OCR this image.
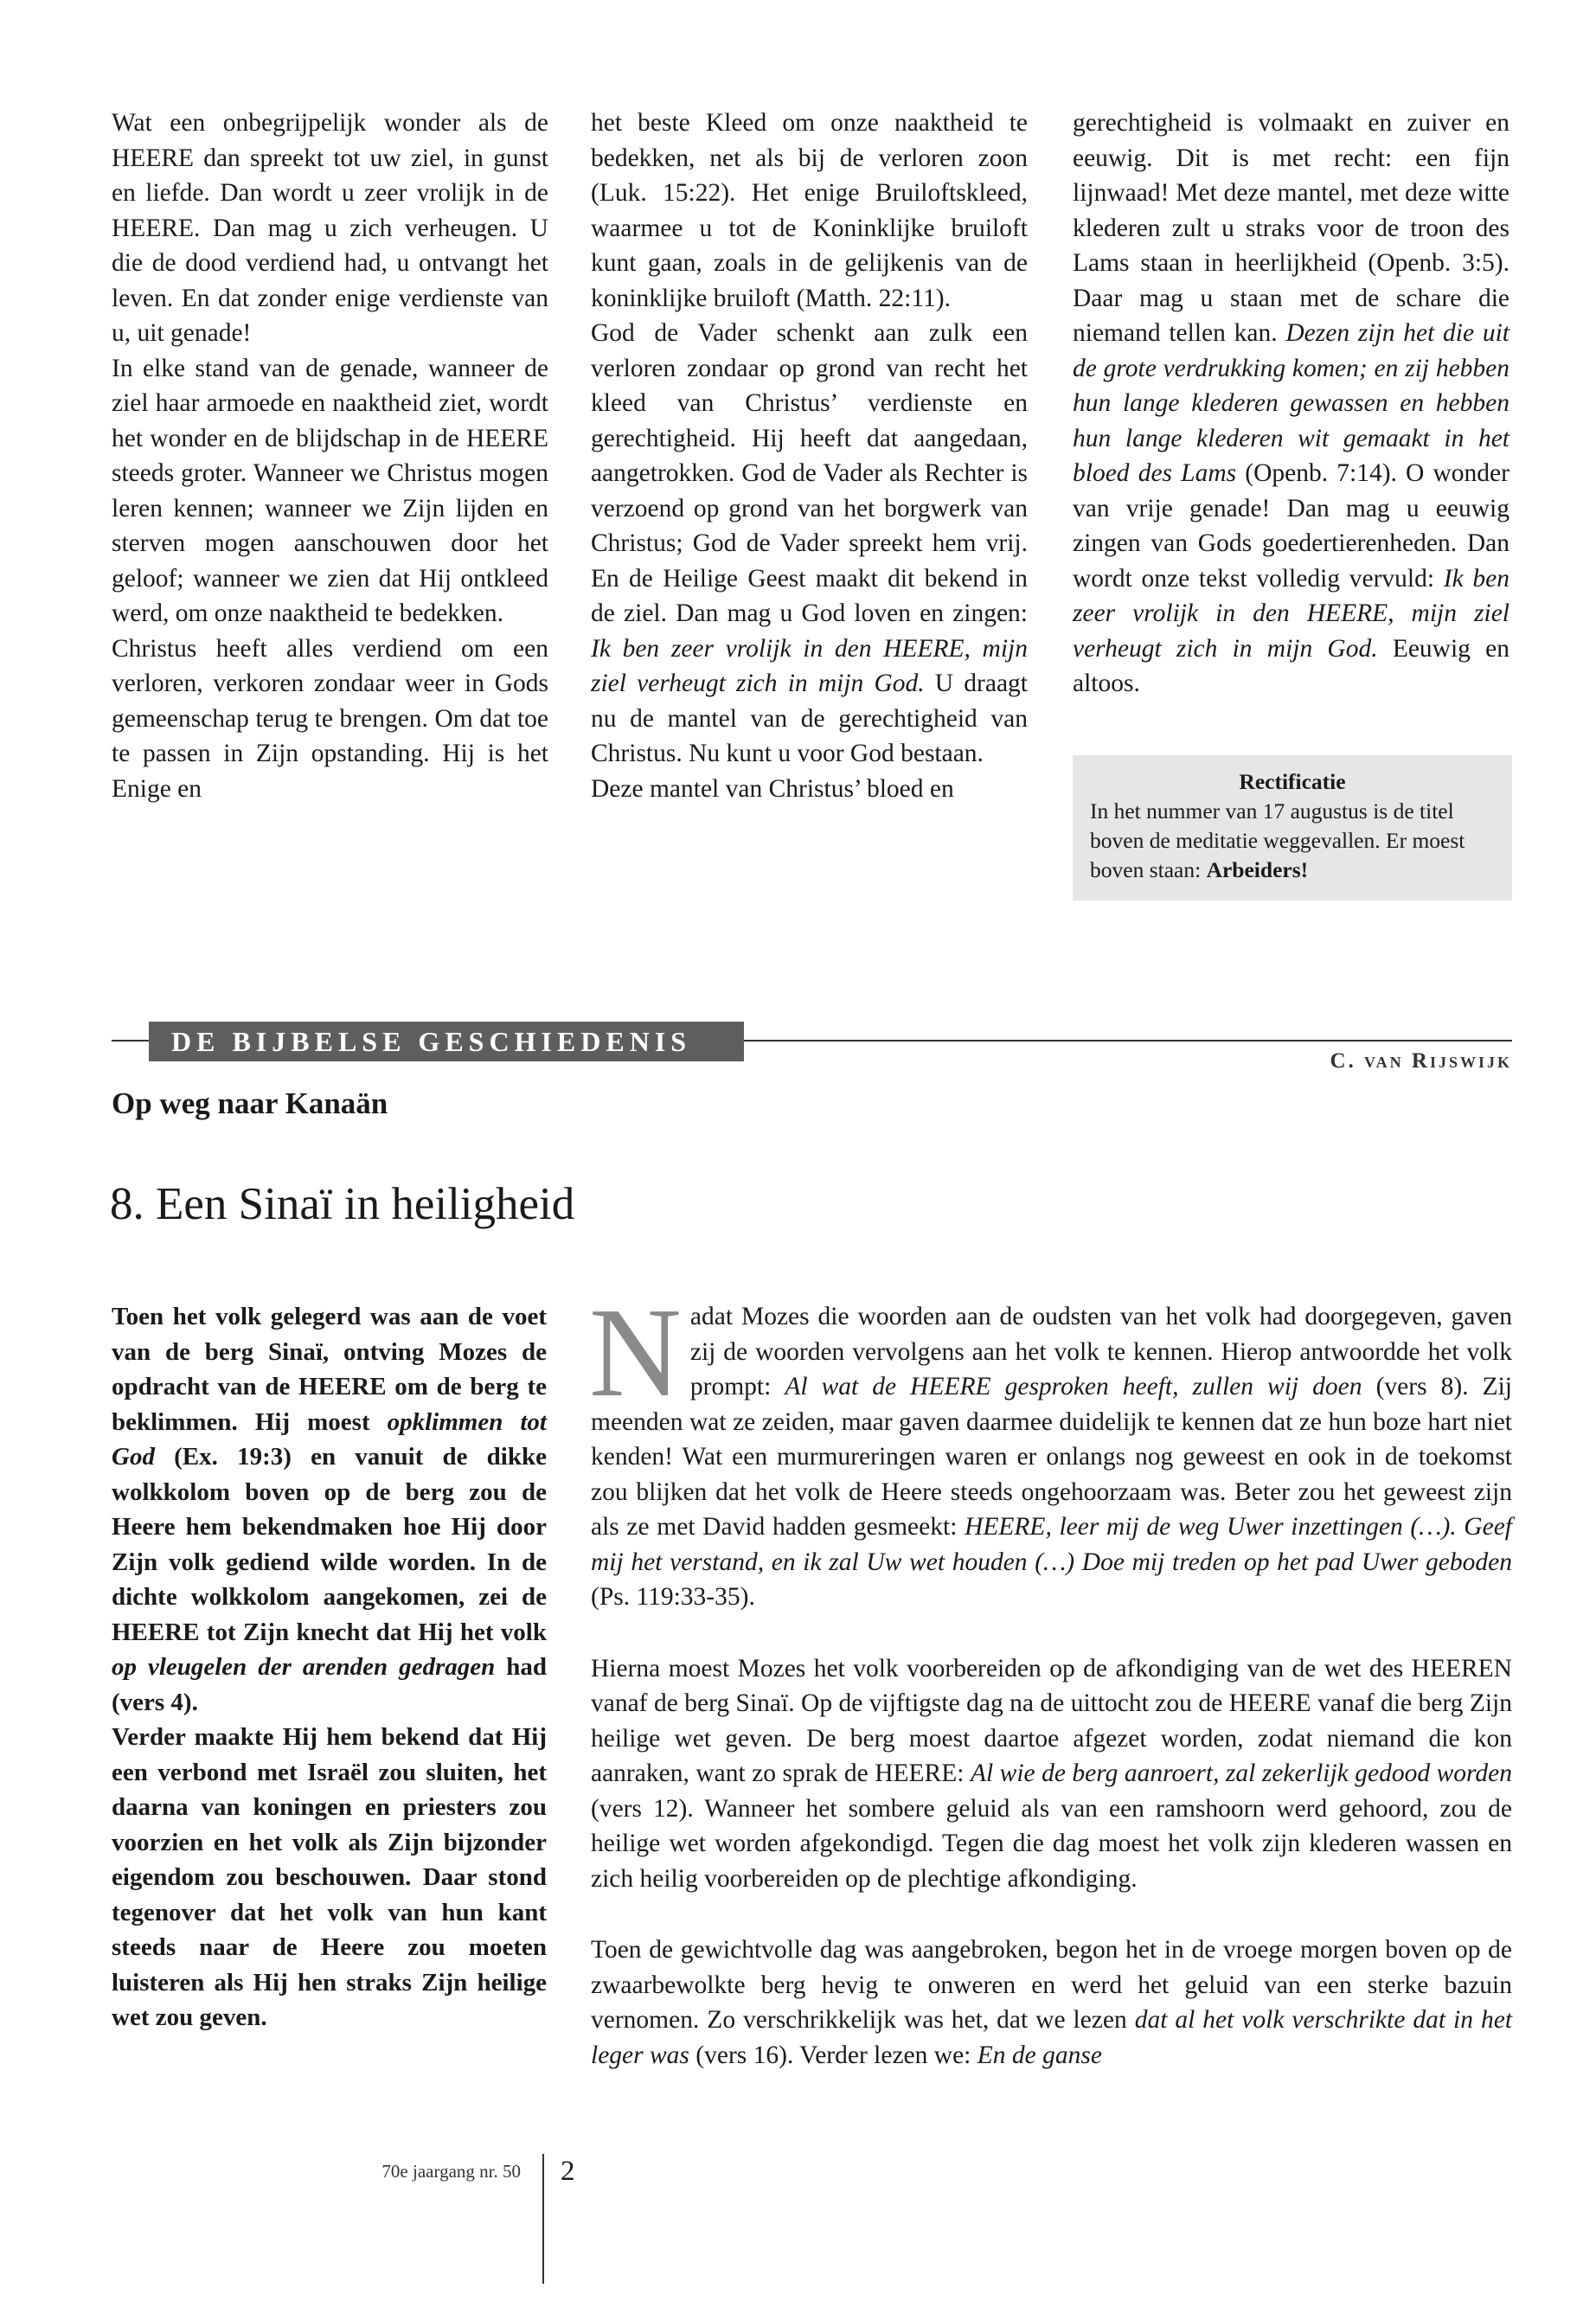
Wat een onbegrijpelijk wonder als de HEERE dan spreekt tot uw ziel, in gunst en liefde. Dan wordt u zeer vrolijk in de HEERE. Dan mag u zich verheugen. U die de dood verdiend had, u ontvangt het leven. En dat zonder enige verdienste van u, uit genade!

In elke stand van de genade, wanneer de ziel haar armoede en naaktheid ziet, wordt het wonder en de blijdschap in de HEERE steeds groter. Wanneer we Christus mogen leren kennen; wanneer we Zijn lijden en sterven mogen aanschouwen door het geloof; wanneer we zien dat Hij ontkleed werd, om onze naaktheid te bedekken.

Christus heeft alles verdiend om een verloren, verkoren zondaar weer in Gods gemeenschap terug te brengen. Om dat toe te passen in Zijn opstanding. Hij is het Enige en

het beste Kleed om onze naaktheid te bedekken, net als bij de verloren zoon (Luk. 15:22). Het enige Bruiloftskleed, waarmee u tot de Koninklijke bruiloft kunt gaan, zoals in de gelijkenis van de koninklijke bruiloft (Matth. 22:11).

God de Vader schenkt aan zulk een verloren zondaar op grond van recht het kleed van Christus’ verdienste en gerechtigheid. Hij heeft dat aangedaan, aangetrokken. God de Vader als Rechter is verzoend op grond van het borgwerk van Christus; God de Vader spreekt hem vrij. En de Heilige Geest maakt dit bekend in de ziel. Dan mag u God loven en zingen: Ik ben zeer vrolijk in den HEERE, mijn ziel verheugt zich in mijn God. U draagt nu de mantel van de gerechtigheid van Christus. Nu kunt u voor God bestaan.

Deze mantel van Christus’ bloed en

gerechtigheid is volmaakt en zuiver en eeuwig. Dit is met recht: een fijn lijnwaad! Met deze mantel, met deze witte klederen zult u straks voor de troon des Lams staan in heerlijkheid (Openb. 3:5). Daar mag u staan met de schare die niemand tellen kan. Dezen zijn het die uit de grote verdrukking komen; en zij hebben hun lange klederen gewassen en hebben hun lange klederen wit gemaakt in het bloed des Lams (Openb. 7:14). O wonder van vrije genade! Dan mag u eeuwig zingen van Gods goedertierenheden. Dan wordt onze tekst volledig vervuld: Ik ben zeer vrolijk in den HEERE, mijn ziel verheugt zich in mijn God. Eeuwig en altoos.

Rectificatie
In het nummer van 17 augustus is de titel boven de meditatie weggevallen. Er moest boven staan: Arbeiders!
DE BIJBELSE GESCHIEDENIS
C. van Rijswijk
Op weg naar Kanaän
8. Een Sinaï in heiligheid

Toen het volk gelegerd was aan de voet van de berg Sinaï, ontving Mozes de opdracht van de HEERE om de berg te beklimmen. Hij moest opklimmen tot God (Ex. 19:3) en vanuit de dikke wolkkolom boven op de berg zou de Heere hem bekendmaken hoe Hij door Zijn volk gediend wilde worden. In de dichte wolkkolom aangekomen, zei de HEERE tot Zijn knecht dat Hij het volk op vleugelen der arenden gedragen had (vers 4).

Verder maakte Hij hem bekend dat Hij een verbond met Israël zou sluiten, het daarna van koningen en priesters zou voorzien en het volk als Zijn bijzonder eigendom zou beschouwen. Daar stond tegenover dat het volk van hun kant steeds naar de Heere zou moeten luisteren als Hij hen straks Zijn heilige wet zou geven.

Nadat Mozes die woorden aan de oudsten van het volk had doorgegeven, gaven zij de woorden vervolgens aan het volk te kennen. Hierop antwoordde het volk prompt: Al wat de HEERE gesproken heeft, zullen wij doen (vers 8). Zij meenden wat ze zeiden, maar gaven daarmee duidelijk te kennen dat ze hun boze hart niet kenden! Wat een murmureringen waren er onlangs nog geweest en ook in de toekomst zou blijken dat het volk de Heere steeds ongehoorzaam was. Beter zou het geweest zijn als ze met David hadden gesmeekt: HEERE, leer mij de weg Uwer inzettingen (…). Geef mij het verstand, en ik zal Uw wet houden (…) Doe mij treden op het pad Uwer geboden (Ps. 119:33-35).

Hierna moest Mozes het volk voorbereiden op de afkondiging van de wet des HEEREN vanaf de berg Sinaï. Op de vijftigste dag na de uittocht zou de HEERE vanaf die berg Zijn heilige wet geven. De berg moest daartoe afgezet worden, zodat niemand die kon aanraken, want zo sprak de HEERE: Al wie de berg aanroert, zal zekerlijk gedood worden (vers 12). Wanneer het sombere geluid als van een ramshoorn werd gehoord, zou de heilige wet worden afgekondigd. Tegen die dag moest het volk zijn klederen wassen en zich heilig voorbereiden op de plechtige afkondiging.

Toen de gewichtvolle dag was aangebroken, begon het in de vroege morgen boven op de zwaarbewolkte berg hevig te onweren en werd het geluid van een sterke bazuin vernomen. Zo verschrikkelijk was het, dat we lezen dat al het volk verschrikte dat in het leger was (vers 16). Verder lezen we: En de ganse

70e jaargang nr. 50 2
